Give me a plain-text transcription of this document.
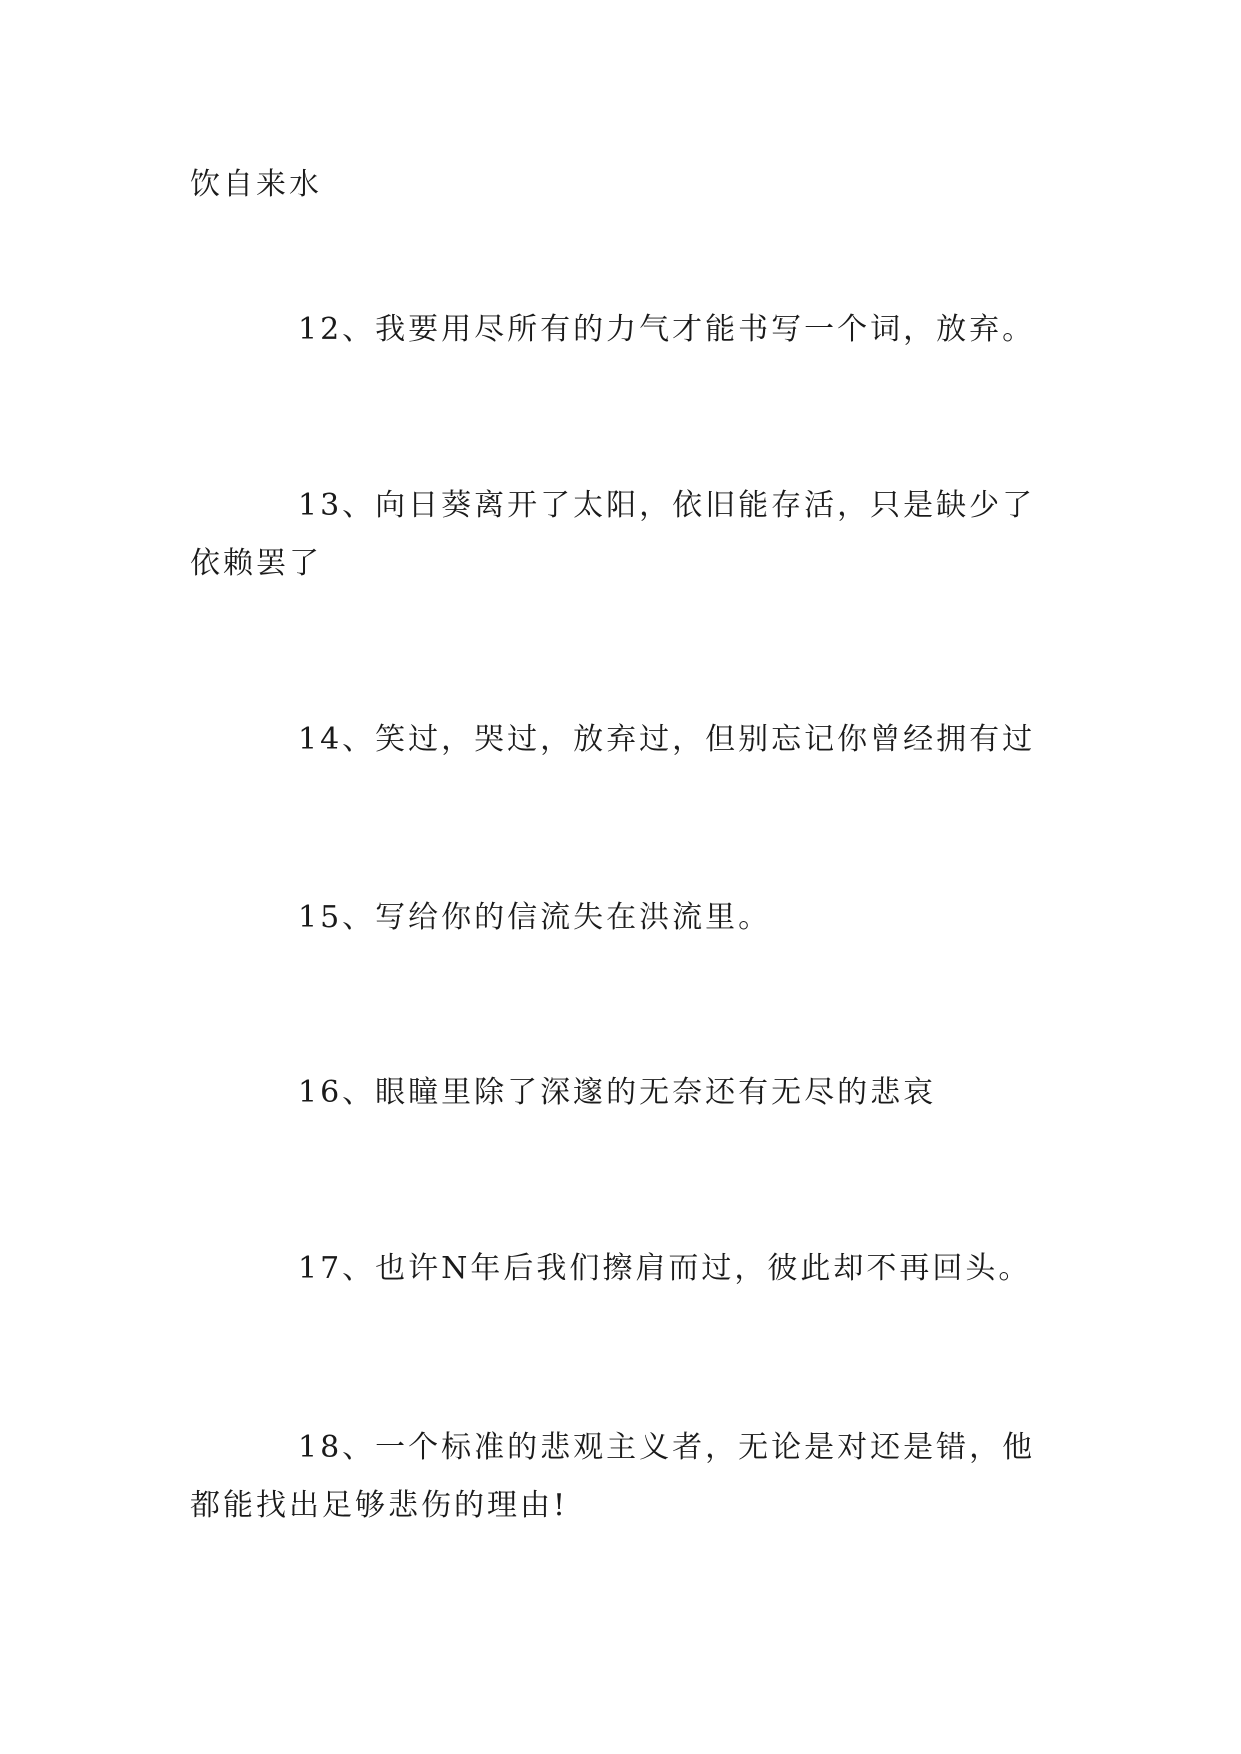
饮自来水

12、我要用尽所有的力气才能书写一个词，放弃。

13、向日葵离开了太阳，依旧能存活，只是缺少了依赖罢了

14、笑过，哭过，放弃过，但别忘记你曾经拥有过

15、写给你的信流失在洪流里。

16、眼瞳里除了深邃的无奈还有无尽的悲哀

17、也许N年后我们擦肩而过，彼此却不再回头。

18、一个标准的悲观主义者，无论是对还是错，他都能找出足够悲伤的理由!
